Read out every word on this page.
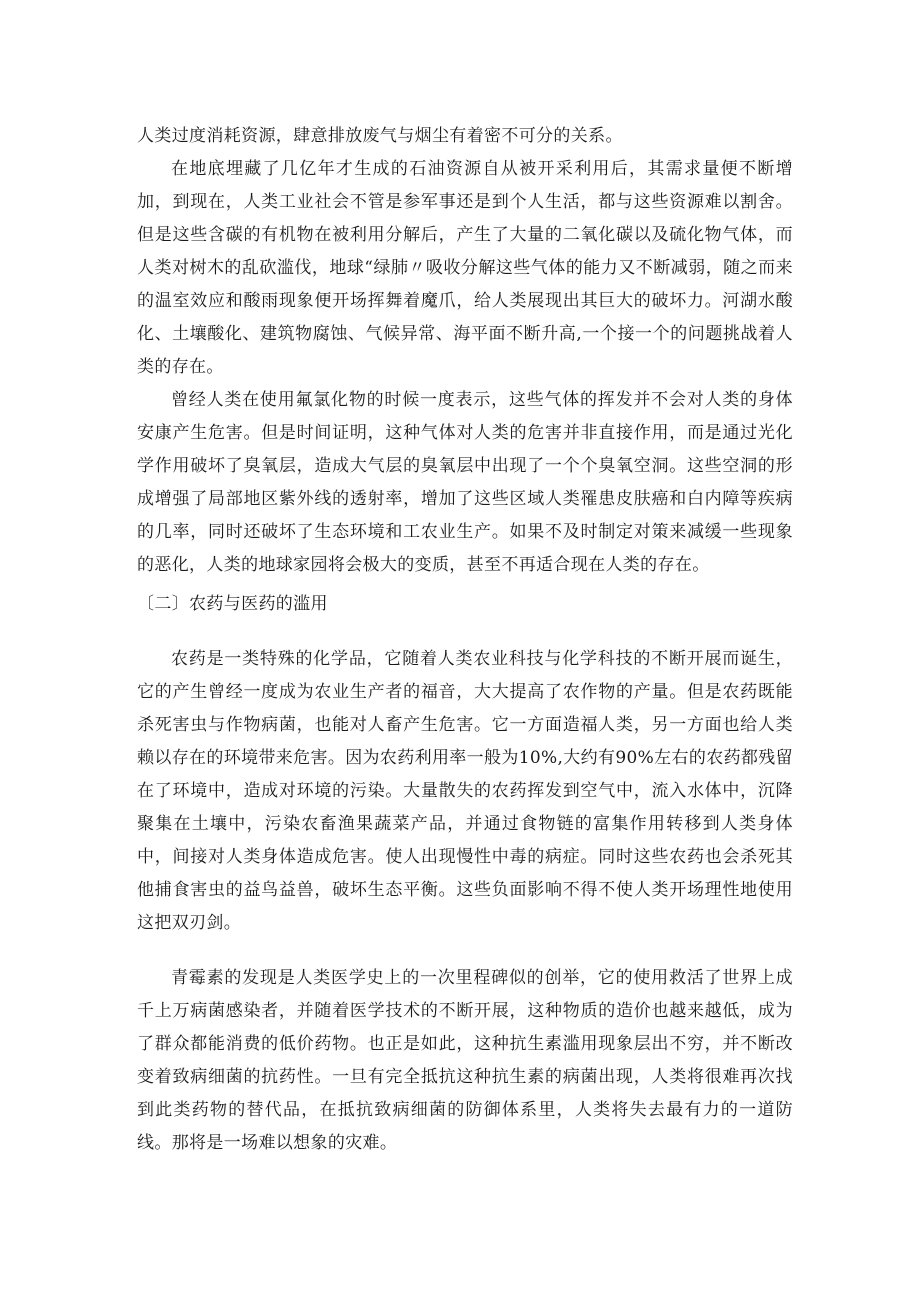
人类过度消耗资源，肆意排放废气与烟尘有着密不可分的关系。

在地底埋藏了几亿年才生成的石油资源自从被开采利用后，其需求量便不断增加，到现在，人类工业社会不管是参军事还是到个人生活，都与这些资源难以割舍。但是这些含碳的有机物在被利用分解后，产生了大量的二氧化碳以及硫化物气体，而人类对树木的乱砍滥伐，地球“绿肺〃吸收分解这些气体的能力又不断减弱，随之而来的温室效应和酸雨现象便开场挥舞着魔爪，给人类展现出其巨大的破坏力。河湖水酸化、土壤酸化、建筑物腐蚀、气候异常、海平面不断升高,一个接一个的问题挑战着人类的存在。

曾经人类在使用氟氯化物的时候一度表示，这些气体的挥发并不会对人类的身体安康产生危害。但是时间证明，这种气体对人类的危害并非直接作用，而是通过光化学作用破坏了臭氧层，造成大气层的臭氧层中出现了一个个臭氧空洞。这些空洞的形成增强了局部地区紫外线的透射率，增加了这些区域人类罹患皮肤癌和白内障等疾病的几率，同时还破坏了生态环境和工农业生产。如果不及时制定对策来减缓一些现象的恶化，人类的地球家园将会极大的变质，甚至不再适合现在人类的存在。

〔二〕农药与医药的滥用

农药是一类特殊的化学品，它随着人类农业科技与化学科技的不断开展而诞生，它的产生曾经一度成为农业生产者的福音，大大提高了农作物的产量。但是农药既能杀死害虫与作物病菌，也能对人畜产生危害。它一方面造福人类，另一方面也给人类赖以存在的环境带来危害。因为农药利用率一般为10%,大约有90%左右的农药都残留在了环境中，造成对环境的污染。大量散失的农药挥发到空气中，流入水体中，沉降聚集在土壤中，污染农畜渔果蔬菜产品，并通过食物链的富集作用转移到人类身体中，间接对人类身体造成危害。使人出现慢性中毒的病症。同时这些农药也会杀死其他捕食害虫的益鸟益兽，破坏生态平衡。这些负面影响不得不使人类开场理性地使用这把双刃剑。

青霉素的发现是人类医学史上的一次里程碑似的创举，它的使用救活了世界上成千上万病菌感染者，并随着医学技术的不断开展，这种物质的造价也越来越低，成为了群众都能消费的低价药物。也正是如此，这种抗生素滥用现象层出不穷，并不断改变着致病细菌的抗药性。一旦有完全抵抗这种抗生素的病菌出现，人类将很难再次找到此类药物的替代品，在抵抗致病细菌的防御体系里，人类将失去最有力的一道防线。那将是一场难以想象的灾难。
